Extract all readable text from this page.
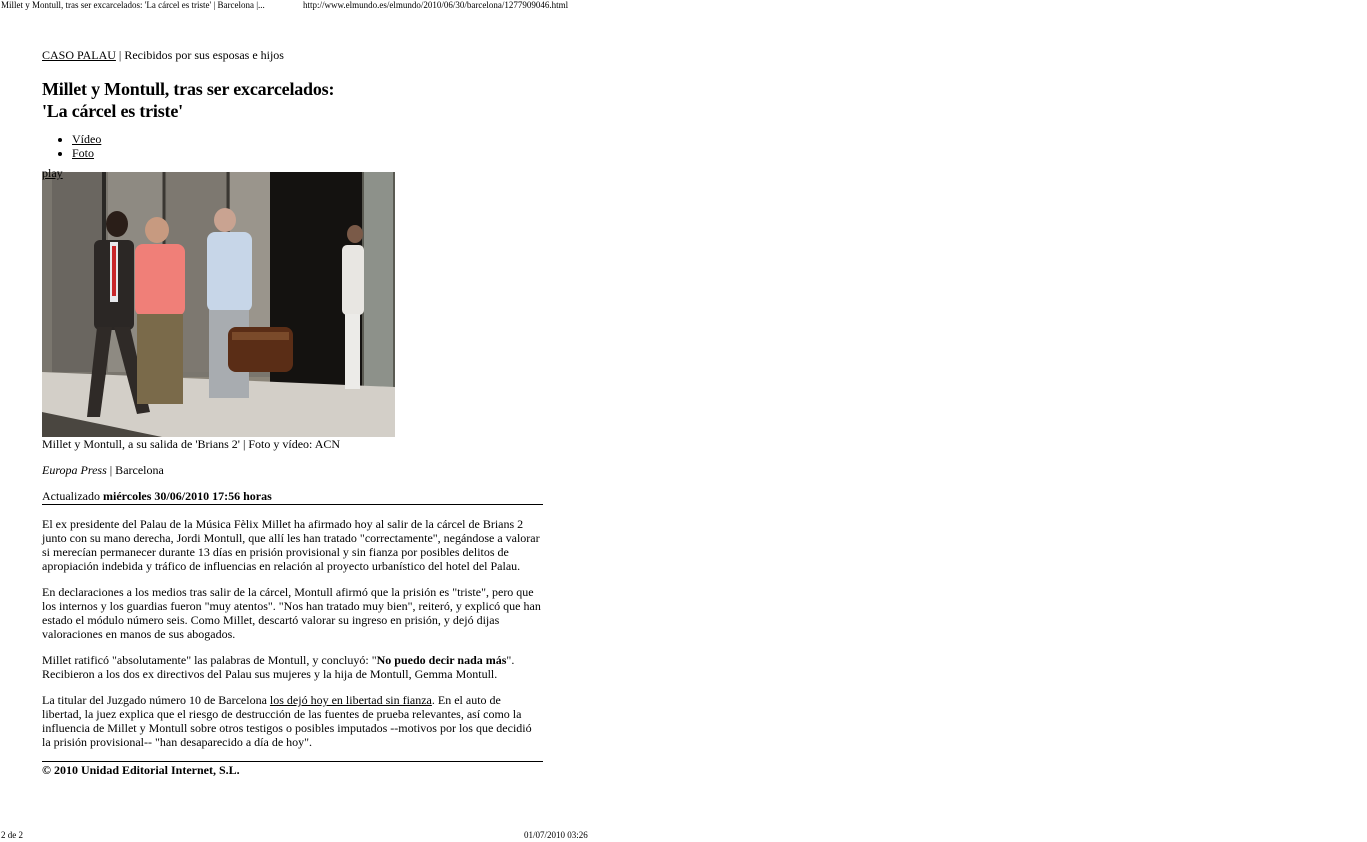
Millet y Montull, tras ser excarcelados: 'La cárcel es triste' | Barcelona |...	http://www.elmundo.es/elmundo/2010/06/30/barcelona/1277909046.html

CASO PALAU | Recibidos por sus esposas e hijos

Millet y Montull, tras ser excarcelados:
'La cárcel es triste'
• Vídeo
• Foto
play

Millet y Montull, a su salida de 'Brians 2' | Foto y vídeo: ACN

Europa Press | Barcelona

Actualizado miércoles 30/06/2010 17:56 horas

El ex presidente del Palau de la Música Fèlix Millet ha afirmado hoy al salir de la cárcel de Brians 2 junto con su mano derecha, Jordi Montull, que allí les han tratado "correctamente", negándose a valorar si merecían permanecer durante 13 días en prisión provisional y sin fianza por posibles delitos de apropiación indebida y tráfico de influencias en relación al proyecto urbanístico del hotel del Palau.

En declaraciones a los medios tras salir de la cárcel, Montull afirmó que la prisión es "triste", pero que los internos y los guardias fueron "muy atentos". "Nos han tratado muy bien", reiteró, y explicó que han estado el módulo número seis. Como Millet, descartó valorar su ingreso en prisión, y dejó dijas valoraciones en manos de sus abogados.

Millet ratificó "absolutamente" las palabras de Montull, y concluyó: "No puedo decir nada más". Recibieron a los dos ex directivos del Palau sus mujeres y la hija de Montull, Gemma Montull.

La titular del Juzgado número 10 de Barcelona los dejó hoy en libertad sin fianza. En el auto de libertad, la juez explica que el riesgo de destrucción de las fuentes de prueba relevantes, así como la influencia de Millet y Montull sobre otros testigos o posibles imputados --motivos por los que decidió la prisión provisional-- "han desaparecido a día de hoy".

© 2010 Unidad Editorial Internet, S.L.

2 de 2	01/07/2010 03:26
